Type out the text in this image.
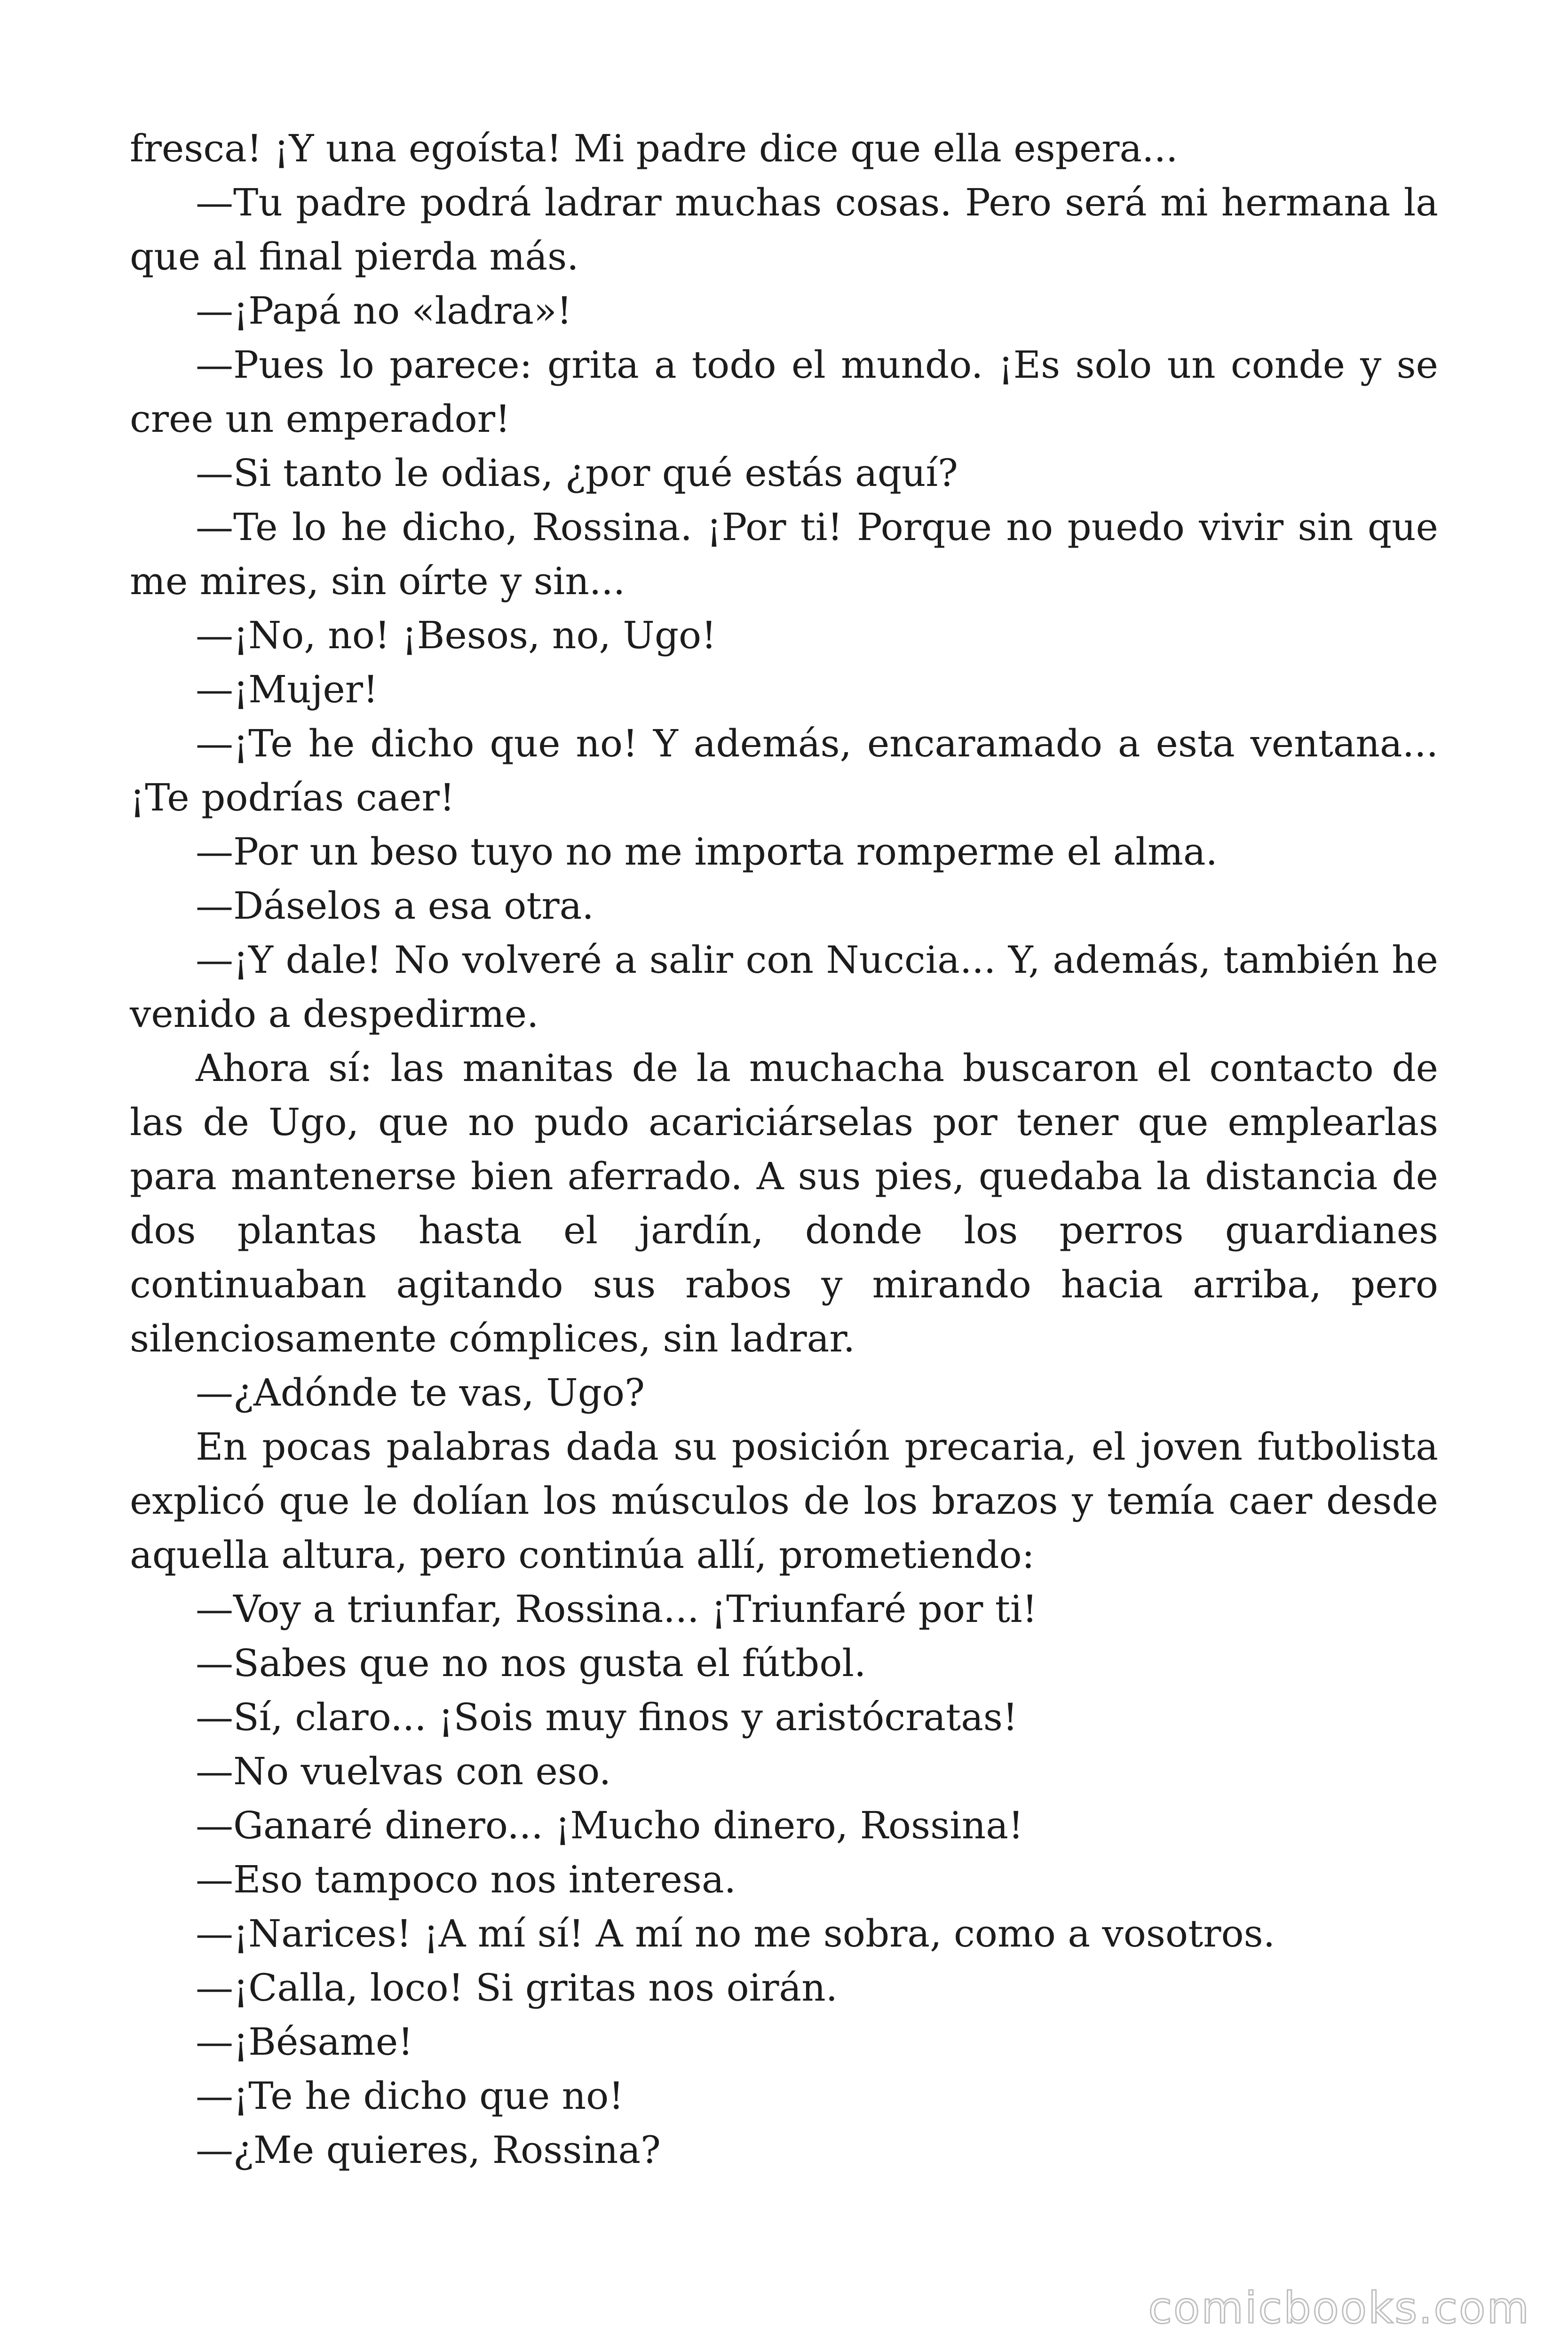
fresca! ¡Y una egoísta! Mi padre dice que ella espera...

—Tu padre podrá ladrar muchas cosas. Pero será mi hermana la que al final pierda más.

—¡Papá no «ladra»!

—Pues lo parece: grita a todo el mundo. ¡Es solo un conde y se cree un emperador!

—Si tanto le odias, ¿por qué estás aquí?

—Te lo he dicho, Rossina. ¡Por ti! Porque no puedo vivir sin que me mires, sin oírte y sin...

—¡No, no! ¡Besos, no, Ugo!

—¡Mujer!

—¡Te he dicho que no! Y además, encaramado a esta ventana... ¡Te podrías caer!

—Por un beso tuyo no me importa romperme el alma.

—Dáselos a esa otra.

—¡Y dale! No volveré a salir con Nuccia... Y, además, también he venido a despedirme.

Ahora sí: las manitas de la muchacha buscaron el contacto de las de Ugo, que no pudo acariciárselas por tener que emplearlas para mantenerse bien aferrado. A sus pies, quedaba la distancia de dos plantas hasta el jardín, donde los perros guardianes continuaban agitando sus rabos y mirando hacia arriba, pero silenciosamente cómplices, sin ladrar.

—¿Adónde te vas, Ugo?

En pocas palabras dada su posición precaria, el joven futbolista explicó que le dolían los músculos de los brazos y temía caer desde aquella altura, pero continúa allí, prometiendo:

—Voy a triunfar, Rossina... ¡Triunfaré por ti!

—Sabes que no nos gusta el fútbol.

—Sí, claro... ¡Sois muy finos y aristócratas!

—No vuelvas con eso.

—Ganaré dinero... ¡Mucho dinero, Rossina!

—Eso tampoco nos interesa.

—¡Narices! ¡A mí sí! A mí no me sobra, como a vosotros.

—¡Calla, loco! Si gritas nos oirán.

—¡Bésame!

—¡Te he dicho que no!

—¿Me quieres, Rossina?

comicbooks.com
